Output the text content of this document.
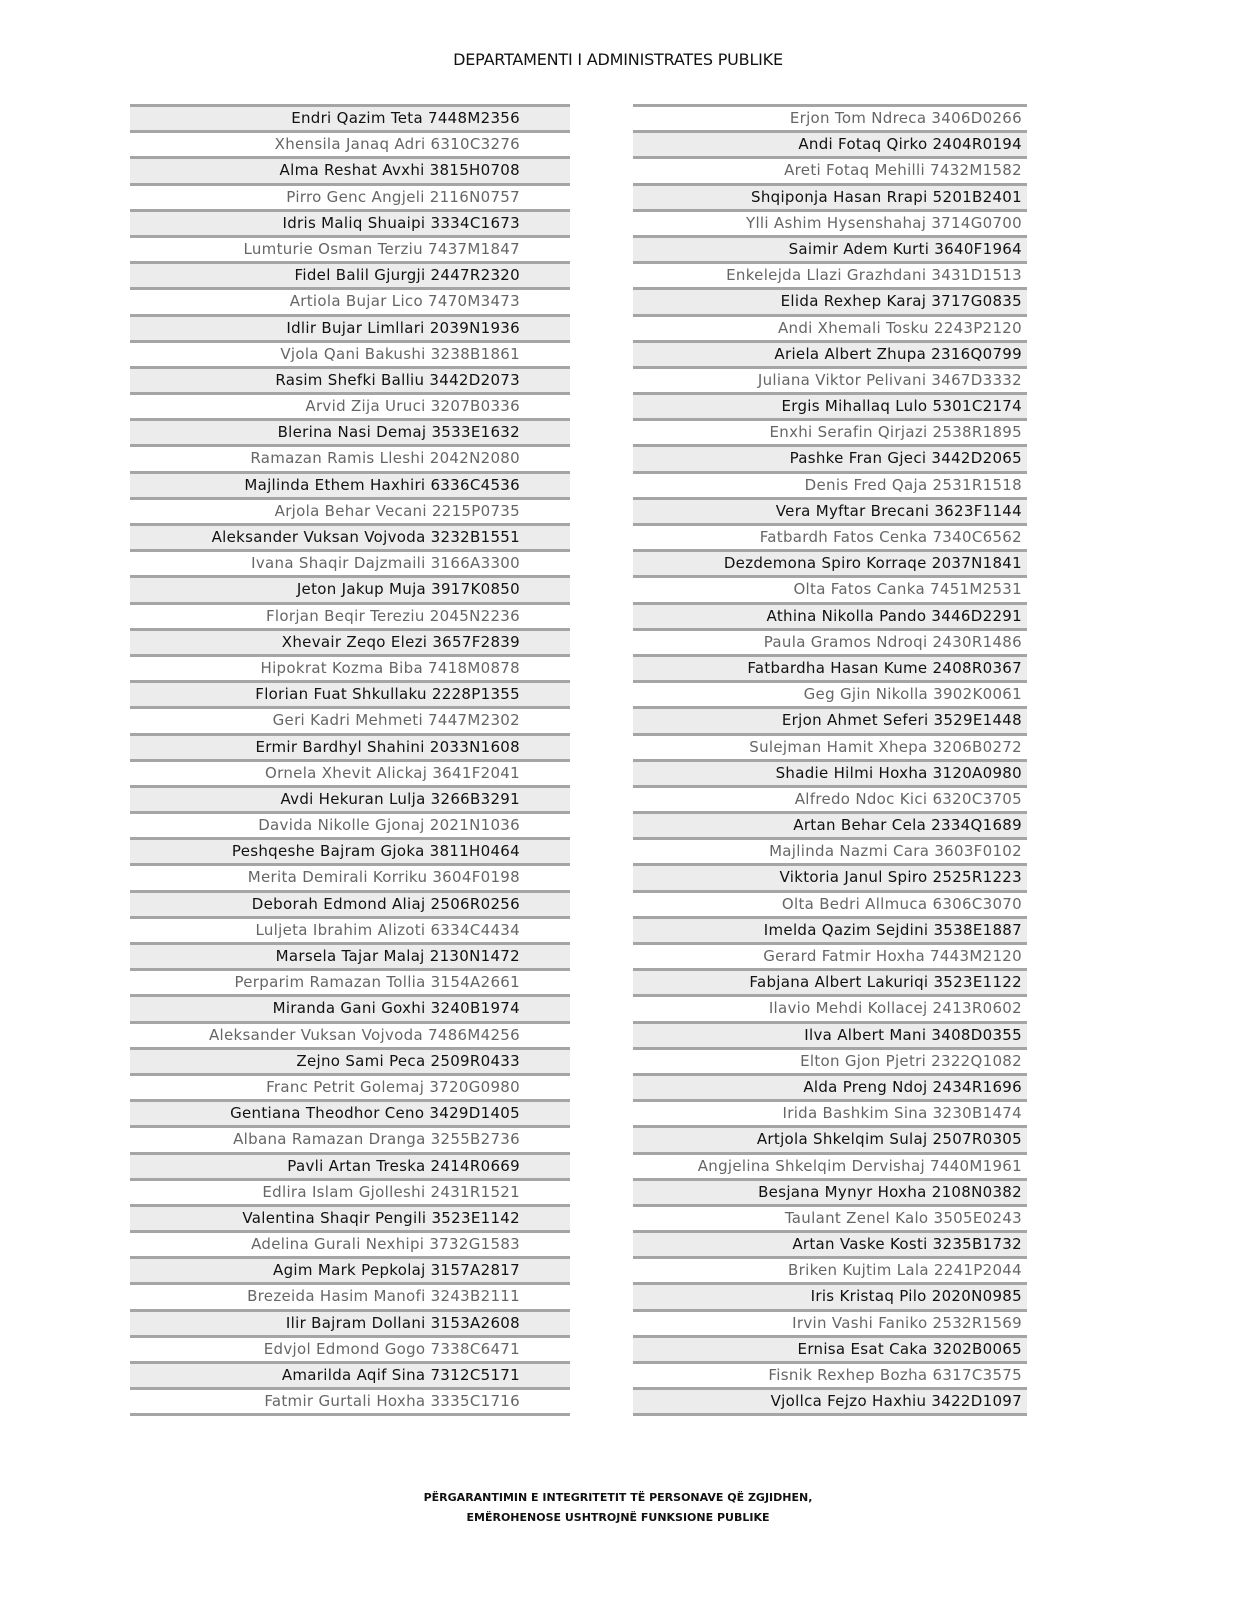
DEPARTAMENTI I ADMINISTRATES PUBLIKE
Endri Qazim Teta 7448M2356
Xhensila Janaq Adri 6310C3276
Alma Reshat Avxhi 3815H0708
Pirro Genc Angjeli 2116N0757
Idris Maliq Shuaipi 3334C1673
Lumturie Osman Terziu 7437M1847
Fidel Balil Gjurgji 2447R2320
Artiola Bujar Lico 7470M3473
Idlir Bujar Limllari 2039N1936
Vjola Qani Bakushi 3238B1861
Rasim Shefki Balliu 3442D2073
Arvid Zija Uruci 3207B0336
Blerina Nasi Demaj 3533E1632
Ramazan Ramis Lleshi 2042N2080
Majlinda Ethem Haxhiri 6336C4536
Arjola Behar Vecani 2215P0735
Aleksander Vuksan Vojvoda 3232B1551
Ivana Shaqir Dajzmaili 3166A3300
Jeton Jakup Muja 3917K0850
Florjan Beqir Tereziu 2045N2236
Xhevair Zeqo Elezi 3657F2839
Hipokrat Kozma Biba 7418M0878
Florian Fuat Shkullaku 2228P1355
Geri Kadri Mehmeti 7447M2302
Ermir Bardhyl Shahini 2033N1608
Ornela Xhevit Alickaj 3641F2041
Avdi Hekuran Lulja 3266B3291
Davida Nikolle Gjonaj 2021N1036
Peshqeshe Bajram Gjoka 3811H0464
Merita Demirali Korriku 3604F0198
Deborah Edmond Aliaj 2506R0256
Luljeta Ibrahim Alizoti 6334C4434
Marsela Tajar Malaj 2130N1472
Perparim Ramazan Tollia 3154A2661
Miranda Gani Goxhi 3240B1974
Aleksander Vuksan Vojvoda 7486M4256
Zejno Sami Peca 2509R0433
Franc Petrit Golemaj 3720G0980
Gentiana Theodhor Ceno 3429D1405
Albana Ramazan Dranga 3255B2736
Pavli Artan Treska 2414R0669
Edlira Islam Gjolleshi 2431R1521
Valentina Shaqir Pengili 3523E1142
Adelina Gurali Nexhipi 3732G1583
Agim Mark Pepkolaj 3157A2817
Brezeida Hasim Manofi 3243B2111
Ilir Bajram Dollani 3153A2608
Edvjol Edmond Gogo 7338C6471
Amarilda Aqif Sina 7312C5171
Fatmir Gurtali Hoxha 3335C1716
Erjon Tom Ndreca 3406D0266
Andi Fotaq Qirko 2404R0194
Areti Fotaq Mehilli 7432M1582
Shqiponja Hasan Rrapi 5201B2401
Ylli Ashim Hysenshahaj 3714G0700
Saimir Adem Kurti 3640F1964
Enkelejda Llazi Grazhdani 3431D1513
Elida Rexhep Karaj 3717G0835
Andi Xhemali Tosku 2243P2120
Ariela Albert Zhupa 2316Q0799
Juliana Viktor Pelivani 3467D3332
Ergis Mihallaq Lulo 5301C2174
Enxhi Serafin Qirjazi 2538R1895
Pashke Fran Gjeci 3442D2065
Denis Fred Qaja 2531R1518
Vera Myftar Brecani 3623F1144
Fatbardh Fatos Cenka 7340C6562
Dezdemona Spiro Korraqe 2037N1841
Olta Fatos Canka 7451M2531
Athina Nikolla Pando 3446D2291
Paula Gramos Ndroqi 2430R1486
Fatbardha Hasan Kume 2408R0367
Geg Gjin Nikolla 3902K0061
Erjon Ahmet Seferi 3529E1448
Sulejman Hamit Xhepa 3206B0272
Shadie Hilmi Hoxha 3120A0980
Alfredo Ndoc Kici 6320C3705
Artan Behar Cela 2334Q1689
Majlinda Nazmi Cara 3603F0102
Viktoria Janul Spiro 2525R1223
Olta Bedri Allmuca 6306C3070
Imelda Qazim Sejdini 3538E1887
Gerard Fatmir Hoxha 7443M2120
Fabjana Albert Lakuriqi 3523E1122
Ilavio Mehdi Kollacej 2413R0602
Ilva Albert Mani 3408D0355
Elton Gjon Pjetri 2322Q1082
Alda Preng Ndoj 2434R1696
Irida Bashkim Sina 3230B1474
Artjola Shkelqim Sulaj 2507R0305
Angjelina Shkelqim Dervishaj 7440M1961
Besjana Mynyr Hoxha 2108N0382
Taulant Zenel Kalo 3505E0243
Artan Vaske Kosti 3235B1732
Briken Kujtim Lala 2241P2044
Iris Kristaq Pilo 2020N0985
Irvin Vashi Faniko 2532R1569
Ernisa Esat Caka 3202B0065
Fisnik Rexhep Bozha 6317C3575
Vjollca Fejzo Haxhiu 3422D1097
PËRGARANTIMIN E INTEGRITETIT TË PERSONAVE QË ZGJIDHEN,
EMËROHENOSE USHTROJNË FUNKSIONE PUBLIKE
